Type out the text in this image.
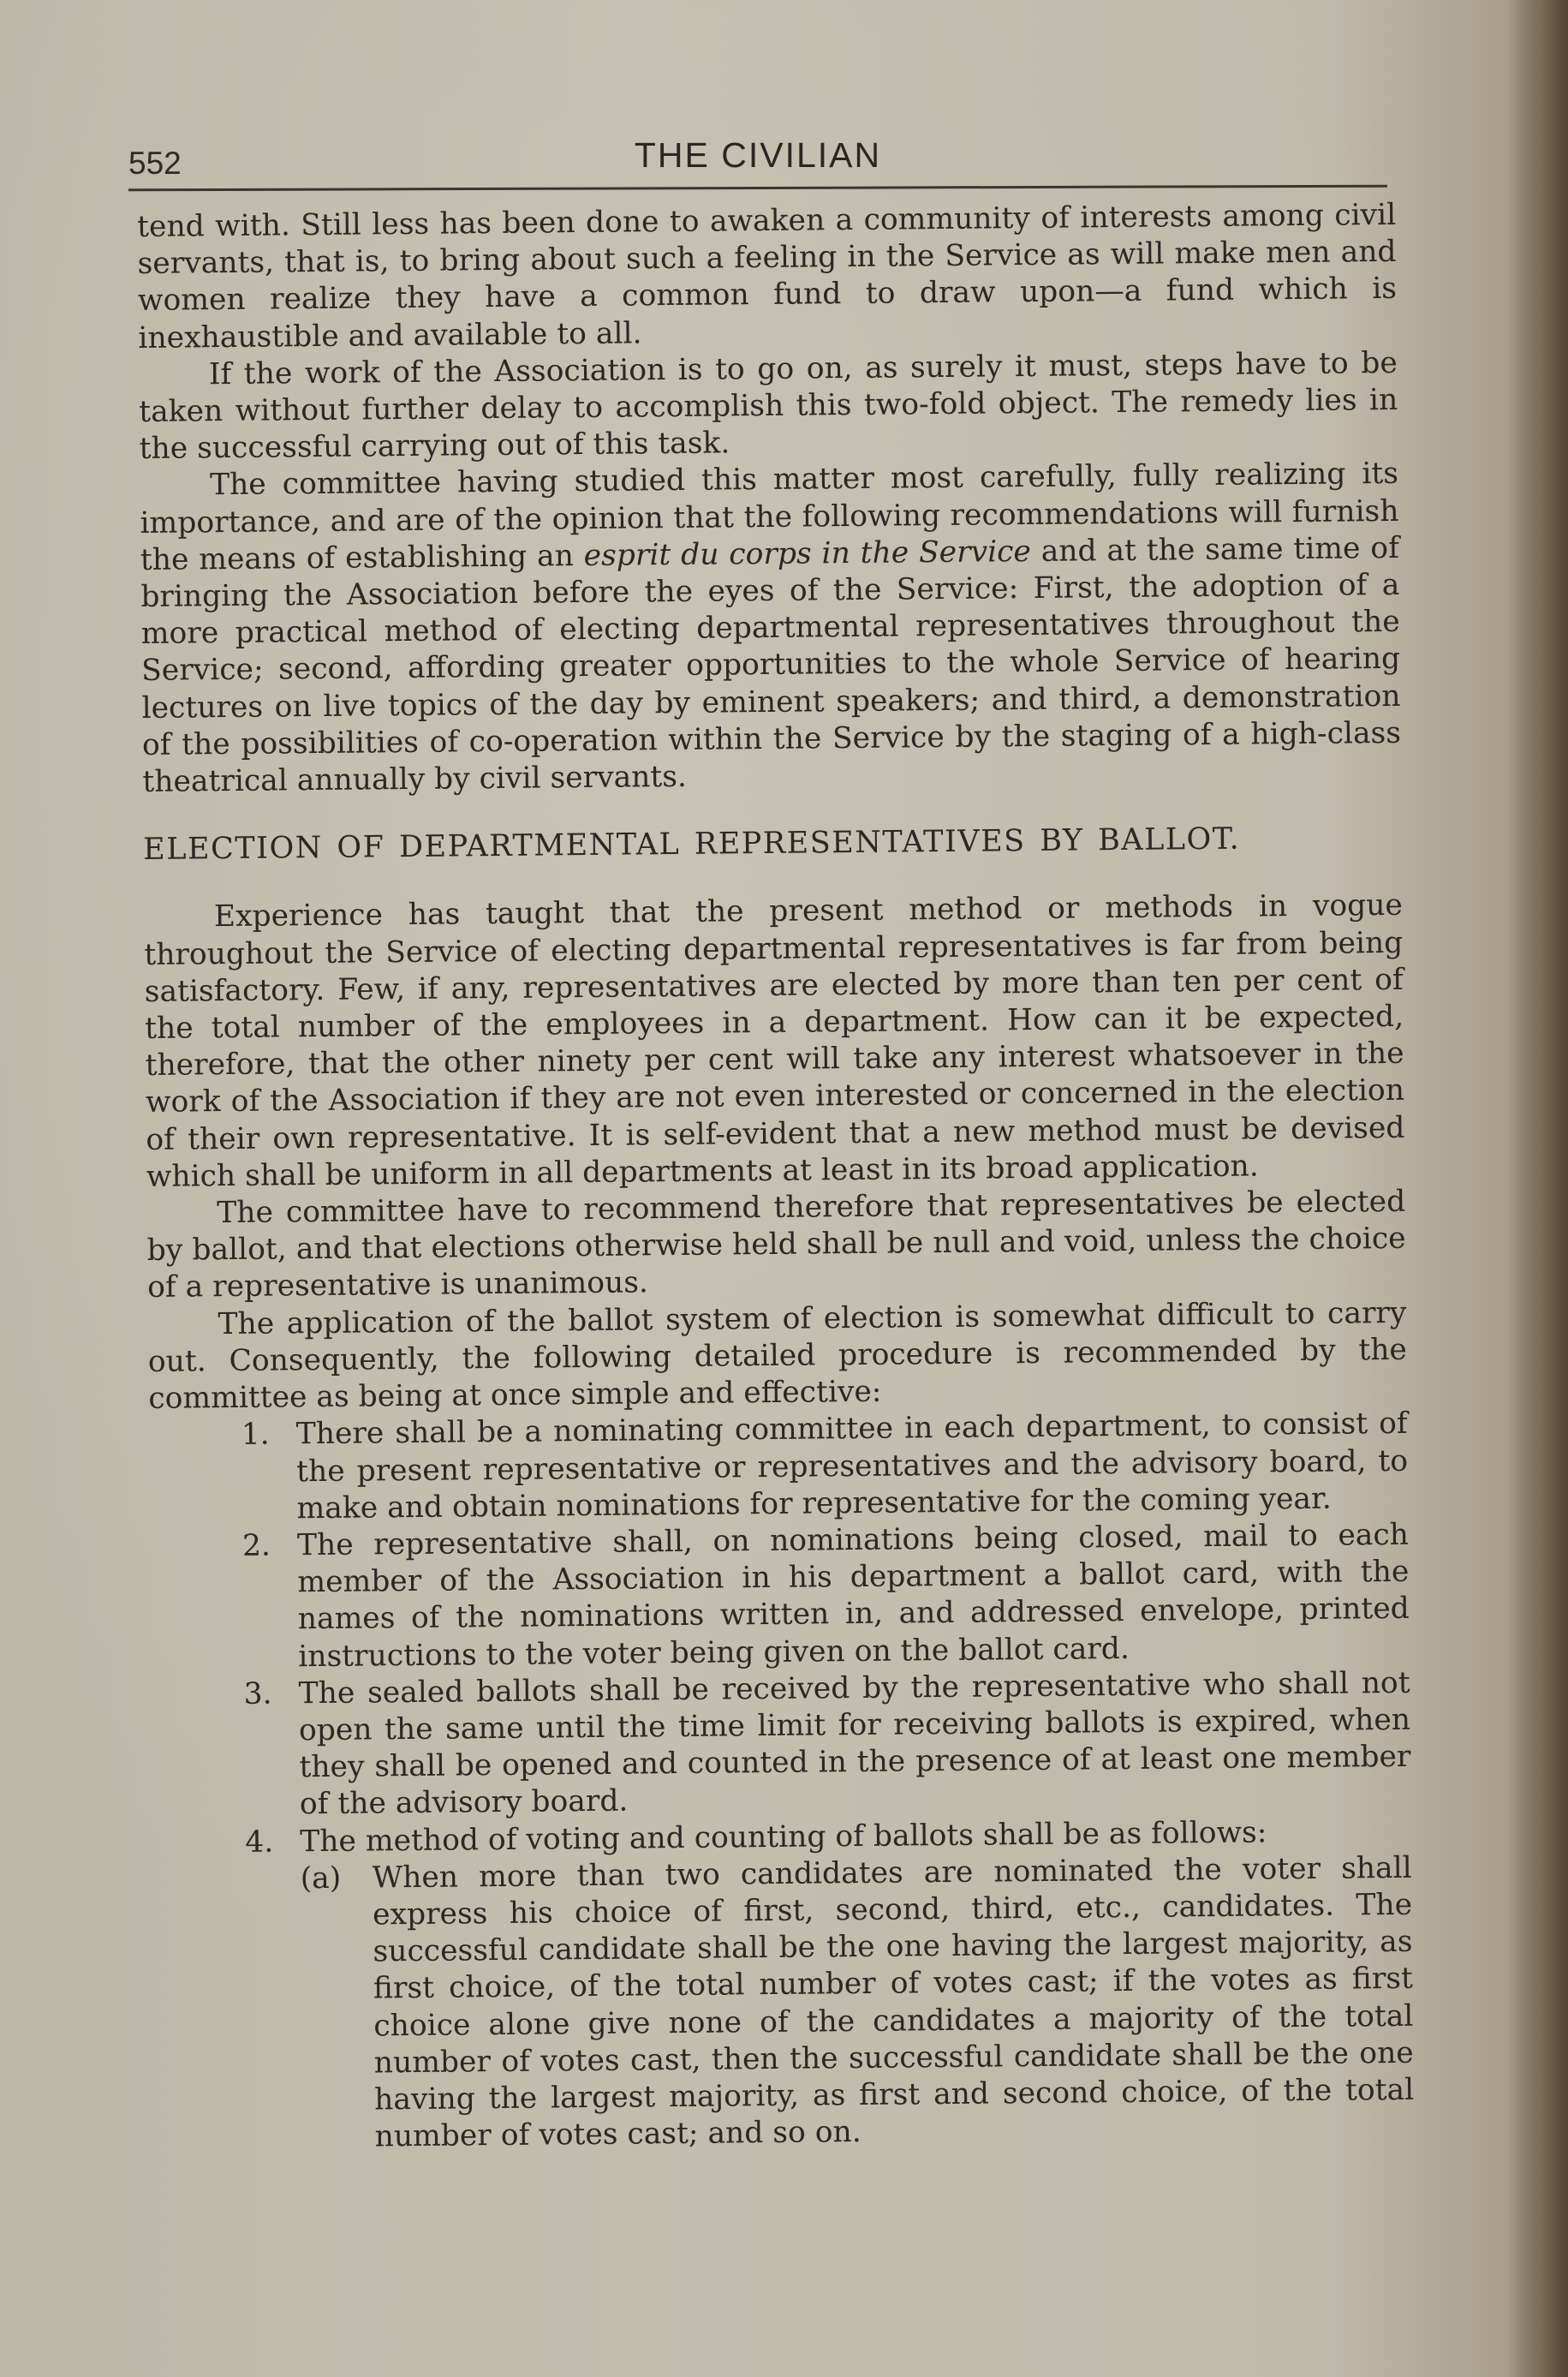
552	THE CIVILIAN

tend with. Still less has been done to awaken a community of interests among civil servants, that is, to bring about such a feeling in the Service as will make men and women realize they have a common fund to draw upon—a fund which is inexhaustible and available to all.

If the work of the Association is to go on, as surely it must, steps have to be taken without further delay to accomplish this two-fold object. The remedy lies in the successful carrying out of this task.

The committee having studied this matter most carefully, fully realizing its importance, and are of the opinion that the following recommendations will furnish the means of establishing an esprit du corps in the Service and at the same time of bringing the Association before the eyes of the Service: First, the adoption of a more practical method of electing departmental representatives throughout the Service; second, affording greater opportunities to the whole Service of hearing lectures on live topics of the day by eminent speakers; and third, a demonstration of the possibilities of co-operation within the Service by the staging of a high-class theatrical annually by civil servants.

ELECTION OF DEPARTMENTAL REPRESENTATIVES BY BALLOT.

Experience has taught that the present method or methods in vogue throughout the Service of electing departmental representatives is far from being satisfactory. Few, if any, representatives are elected by more than ten per cent of the total number of the employees in a department. How can it be expected, therefore, that the other ninety per cent will take any interest whatsoever in the work of the Association if they are not even interested or concerned in the election of their own representative. It is self-evident that a new method must be devised which shall be uniform in all departments at least in its broad application.

The committee have to recommend therefore that representatives be elected by ballot, and that elections otherwise held shall be null and void, unless the choice of a representative is unanimous.

The application of the ballot system of election is somewhat difficult to carry out. Consequently, the following detailed procedure is recommended by the committee as being at once simple and effective:

1. There shall be a nominating committee in each department, to consist of the present representative or representatives and the advisory board, to make and obtain nominations for representative for the coming year.
2. The representative shall, on nominations being closed, mail to each member of the Association in his department a ballot card, with the names of the nominations written in, and addressed envelope, printed instructions to the voter being given on the ballot card.
3. The sealed ballots shall be received by the representative who shall not open the same until the time limit for receiving ballots is expired, when they shall be opened and counted in the presence of at least one member of the advisory board.
4. The method of voting and counting of ballots shall be as follows:
(a)	When more than two candidates are nominated the voter shall express his choice of first, second, third, etc., candidates. The successful candidate shall be the one having the largest majority, as first choice, of the total number of votes cast; if the votes as first choice alone give none of the candidates a majority of the total number of votes cast, then the successful candidate shall be the one having the largest majority, as first and second choice, of the total number of votes cast; and so on.
